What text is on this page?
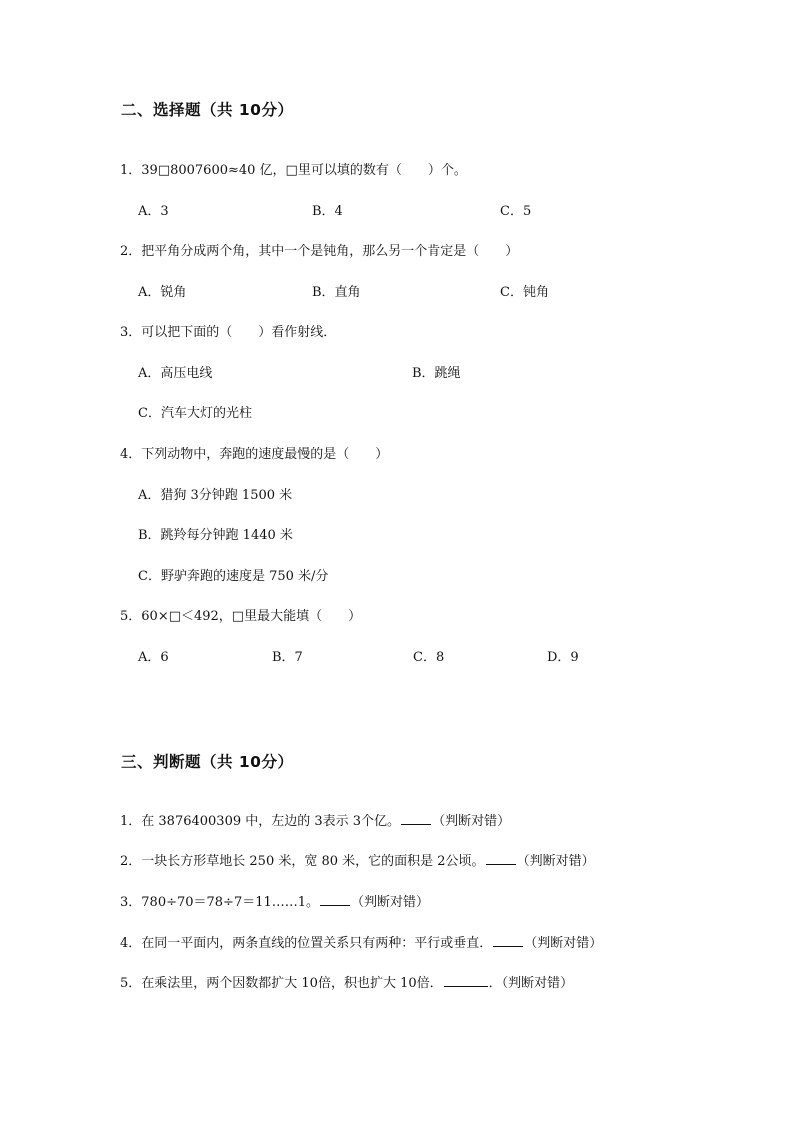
二、选择题（共 10分）
1．39□8007600≈40 亿，□里可以填的数有（　　）个。
A．3	B．4	C．5
2．把平角分成两个角，其中一个是钝角，那么另一个肯定是（　　）
A．锐角	B．直角	C．钝角
3．可以把下面的（　　）看作射线．
A．高压电线	B．跳绳
C．汽车大灯的光柱
4．下列动物中，奔跑的速度最慢的是（　　）
A．猎狗 3分钟跑 1500 米
B．跳羚每分钟跑 1440 米
C．野驴奔跑的速度是 750 米/分
5．60×□＜492，□里最大能填（　　）
A．6	B．7	C．8	D．9
三、判断题（共 10分）
1．在 3876400309 中，左边的 3表示 3个亿。 （判断对错）
2．一块长方形草地长 250 米，宽 80 米，它的面积是 2公顷。 （判断对错）
3．780÷70＝78÷7＝11……1。 （判断对错）
4．在同一平面内，两条直线的位置关系只有两种：平行或垂直． （判断对错）
5．在乘法里，两个因数都扩大 10倍，积也扩大 10倍．	．（判断对错）
